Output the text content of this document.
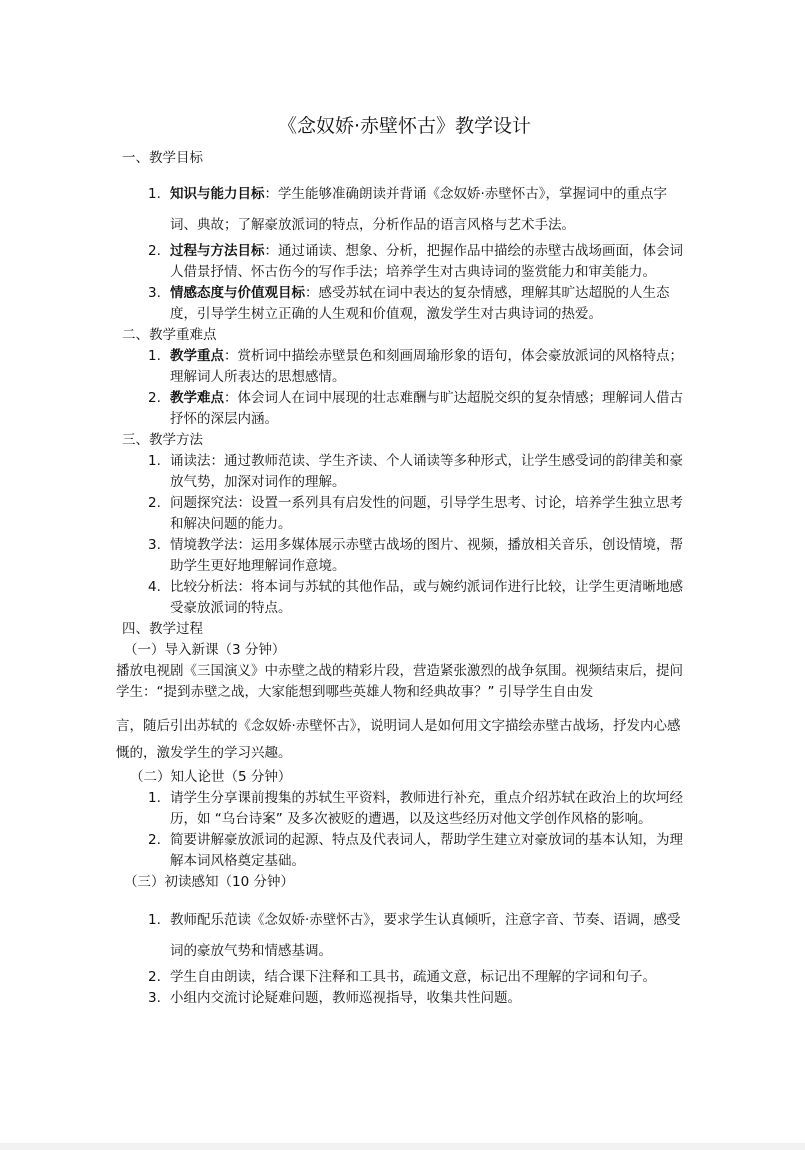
《念奴娇·赤壁怀古》教学设计

一、教学目标

1. 知识与能力目标：学生能够准确朗读并背诵《念奴娇·赤壁怀古》，掌握词中的重点字词、典故；了解豪放派词的特点，分析作品的语言风格与艺术手法。
2. 过程与方法目标：通过诵读、想象、分析，把握作品中描绘的赤壁古战场画面，体会词人借景抒情、怀古伤今的写作手法；培养学生对古典诗词的鉴赏能力和审美能力。
3. 情感态度与价值观目标：感受苏轼在词中表达的复杂情感，理解其旷达超脱的人生态度，引导学生树立正确的人生观和价值观，激发学生对古典诗词的热爱。

二、教学重难点

1. 教学重点：赏析词中描绘赤壁景色和刻画周瑜形象的语句，体会豪放派词的风格特点；理解词人所表达的思想感情。
2. 教学难点：体会词人在词中展现的壮志难酬与旷达超脱交织的复杂情感；理解词人借古抒怀的深层内涵。

三、教学方法

1. 诵读法：通过教师范读、学生齐读、个人诵读等多种形式，让学生感受词的韵律美和豪放气势，加深对词作的理解。
2. 问题探究法：设置一系列具有启发性的问题，引导学生思考、讨论，培养学生独立思考和解决问题的能力。
3. 情境教学法：运用多媒体展示赤壁古战场的图片、视频，播放相关音乐，创设情境，帮助学生更好地理解词作意境。
4. 比较分析法：将本词与苏轼的其他作品，或与婉约派词作进行比较，让学生更清晰地感受豪放派词的特点。

四、教学过程

（一）导入新课（3 分钟）

播放电视剧《三国演义》中赤壁之战的精彩片段，营造紧张激烈的战争氛围。视频结束后，提问学生：“提到赤壁之战，大家能想到哪些英雄人物和经典故事？” 引导学生自由发

言，随后引出苏轼的《念奴娇·赤壁怀古》，说明词人是如何用文字描绘赤壁古战场，抒发内心感慨的，激发学生的学习兴趣。

（二）知人论世（5 分钟）

1. 请学生分享课前搜集的苏轼生平资料，教师进行补充，重点介绍苏轼在政治上的坎坷经历，如 “乌台诗案” 及多次被贬的遭遇，以及这些经历对他文学创作风格的影响。
2. 简要讲解豪放派词的起源、特点及代表词人，帮助学生建立对豪放词的基本认知，为理解本词风格奠定基础。

（三）初读感知（10 分钟）

1. 教师配乐范读《念奴娇·赤壁怀古》，要求学生认真倾听，注意字音、节奏、语调，感受词的豪放气势和情感基调。
2. 学生自由朗读，结合课下注释和工具书，疏通文意，标记出不理解的字词和句子。
3. 小组内交流讨论疑难问题，教师巡视指导，收集共性问题。
